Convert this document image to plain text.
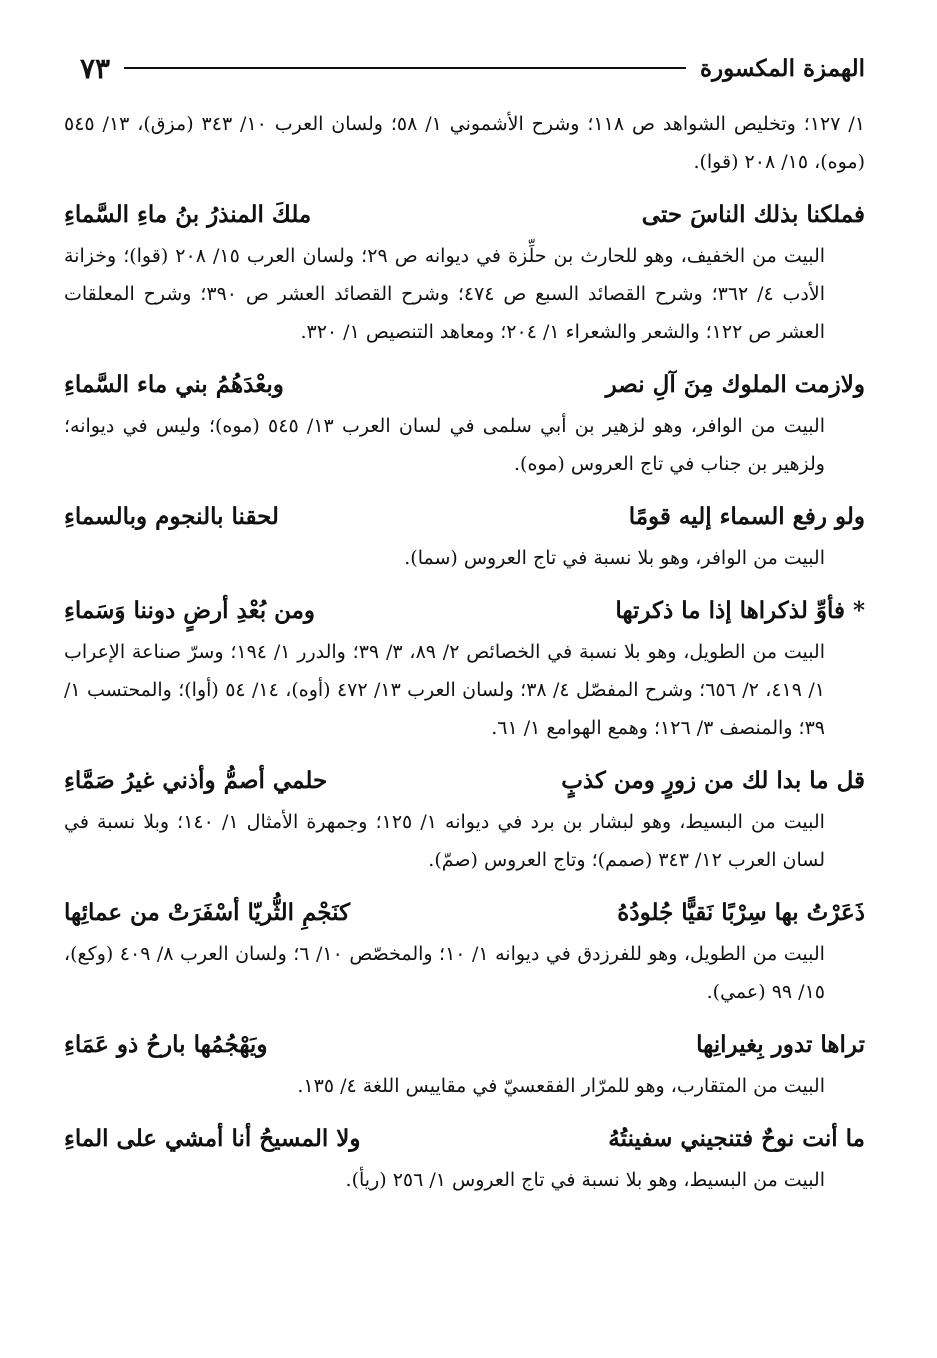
الهمزة المكسورة
٧٣

١/ ١٢٧؛ وتخليص الشواهد ص ١١٨؛ وشرح الأشموني ١/ ٥٨؛ ولسان العرب ١٠/ ٣٤٣ (مزق)، ١٣/ ٥٤٥ (موه)، ١٥/ ٢٠٨ (قوا).

فملكنا بذلك الناسَ حتى
ملكَ المنذرُ بنُ ماءِ السَّماءِ

البيت من الخفيف، وهو للحارث بن حلِّزة في ديوانه ص ٢٩؛ ولسان العرب ١٥/ ٢٠٨ (قوا)؛ وخزانة الأدب ٤/ ٣٦٢؛ وشرح القصائد السبع ص ٤٧٤؛ وشرح القصائد العشر ص ٣٩٠؛ وشرح المعلقات العشر ص ١٢٢؛ والشعر والشعراء ١/ ٢٠٤؛ ومعاهد التنصيص ١/ ٣٢٠.

ولازمت الملوك مِنَ آلِ نصر
وبعْدَهُمُ بني ماء السَّماءِ

البيت من الوافر، وهو لزهير بن أبي سلمى في لسان العرب ١٣/ ٥٤٥ (موه)؛ وليس في ديوانه؛ ولزهير بن جناب في تاج العروس (موه).

ولو رفع السماء إليه قومًا
لحقنا بالنجوم وبالسماءِ

البيت من الوافر، وهو بلا نسبة في تاج العروس (سما).

* فأوِّ لذكراها إذا ما ذكرتها
ومن بُعْدِ أرضٍ دوننا وَسَماءِ

البيت من الطويل، وهو بلا نسبة في الخصائص ٢/ ٨٩، ٣/ ٣٩؛ والدرر ١/ ١٩٤؛ وسرّ صناعة الإعراب ١/ ٤١٩، ٢/ ٦٥٦؛ وشرح المفصّل ٤/ ٣٨؛ ولسان العرب ١٣/ ٤٧٢ (أوه)، ١٤/ ٥٤ (أوا)؛ والمحتسب ١/ ٣٩؛ والمنصف ٣/ ١٢٦؛ وهمع الهوامع ١/ ٦١.

قل ما بدا لك من زورٍ ومن كذبٍ
حلمي أصمُّ وأذني غيرُ صَمَّاءِ

البيت من البسيط، وهو لبشار بن برد في ديوانه ١/ ١٢٥؛ وجمهرة الأمثال ١/ ١٤٠؛ وبلا نسبة في لسان العرب ١٢/ ٣٤٣ (صمم)؛ وتاج العروس (صمّ).

ذَعَرْتُ بها سِرْبًا نَقيًّا جُلودُهُ
كنَجْمِ الثُّريّا أسْفَرَتْ من عمائِها

البيت من الطويل، وهو للفرزدق في ديوانه ١/ ١٠؛ والمخصّص ١٠/ ٦؛ ولسان العرب ٨/ ٤٠٩ (وكع)، ١٥/ ٩٩ (عمي).

تراها تدور بِغيرانِها
ويَهْجُمُها بارحُ ذو عَمَاءِ

البيت من المتقارب، وهو للمرّار الفقعسيّ في مقاييس اللغة ٤/ ١٣٥.

ما أنت نوحٌ فتنجيني سفينتُهُ
ولا المسيحُ أنا أمشي على الماءِ

البيت من البسيط، وهو بلا نسبة في تاج العروس ١/ ٢٥٦ (ريأ).
